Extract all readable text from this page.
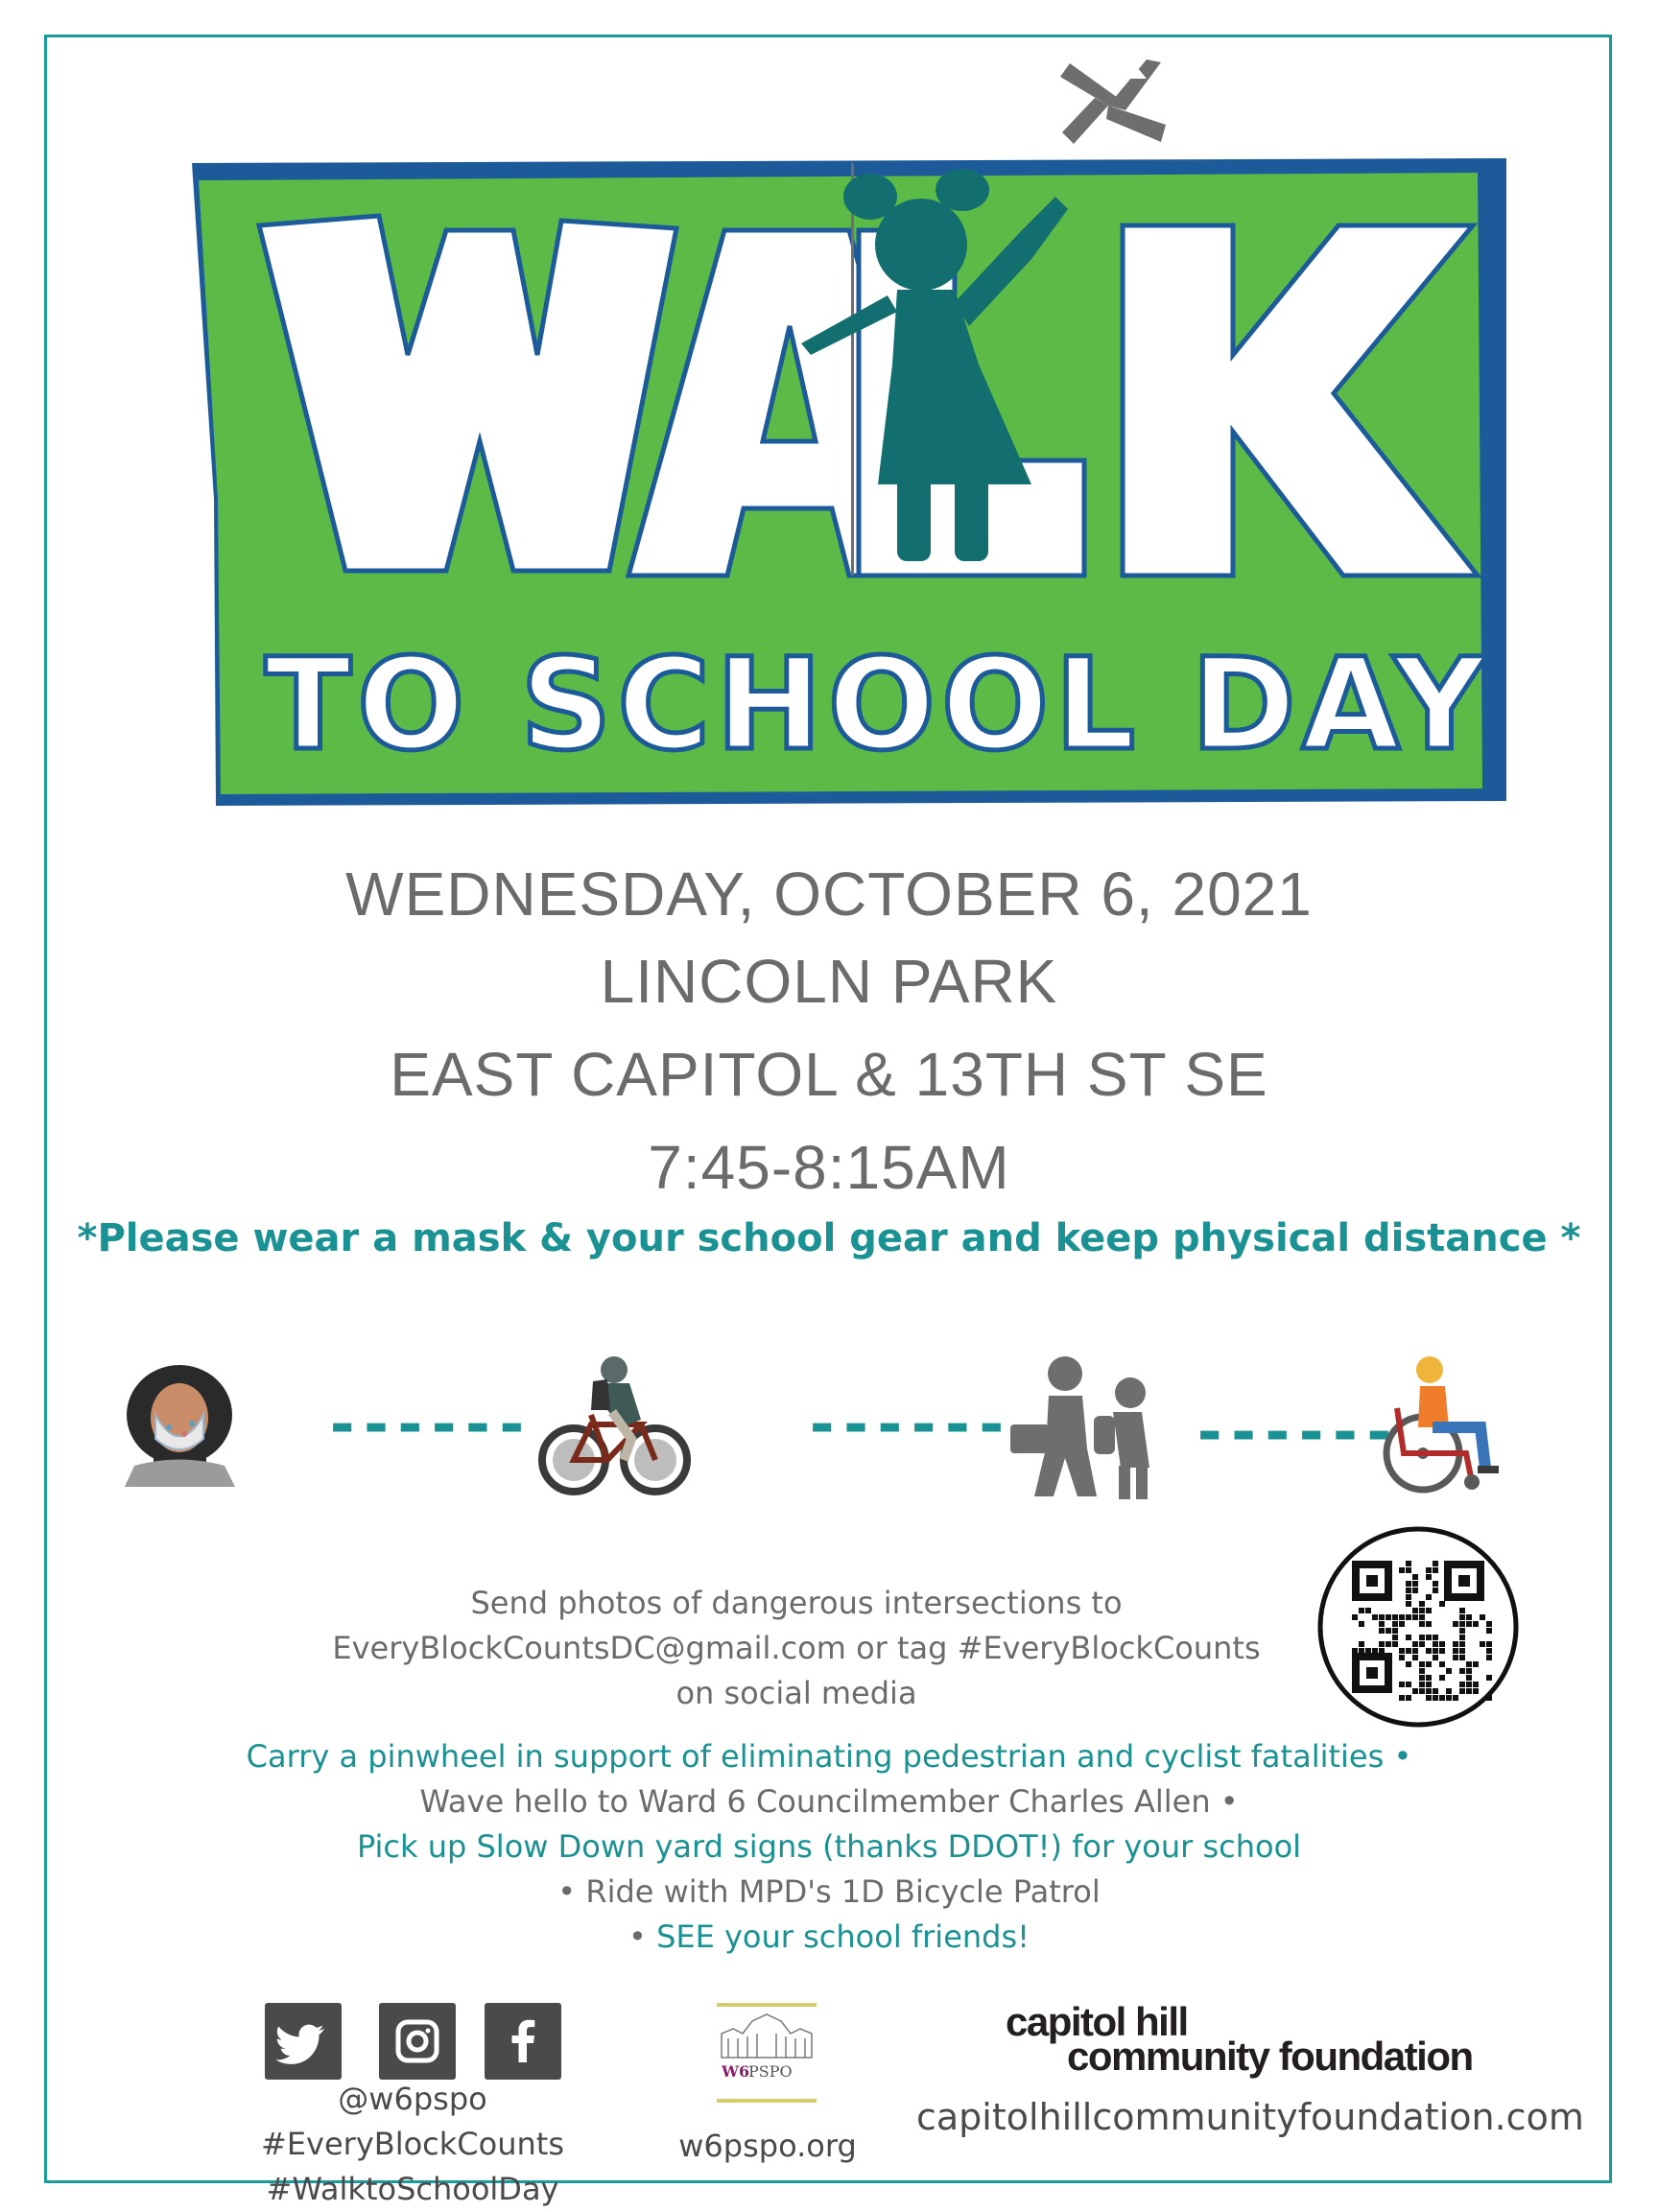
TO SCHOOL DAY
WEDNESDAY, OCTOBER 6, 2021
LINCOLN PARK
EAST CAPITOL & 13TH ST SE
7:45-8:15AM
*Please wear a mask & your school gear and keep physical distance *
------	------	------
Send photos of dangerous intersections to
EveryBlockCountsDC@gmail.com or tag #EveryBlockCounts
on social media
Carry a pinwheel in support of eliminating pedestrian and cyclist fatalities •
Wave hello to Ward 6 Councilmember Charles Allen •
Pick up Slow Down yard signs (thanks DDOT!) for your school
• Ride with MPD's 1D Bicycle Patrol
• SEE your school friends!
@w6pspo
#EveryBlockCounts
#WalktoSchoolDay
W6
PSPO
w6pspo.org
capitol hill
community foundation
capitolhillcommunityfoundation.com
